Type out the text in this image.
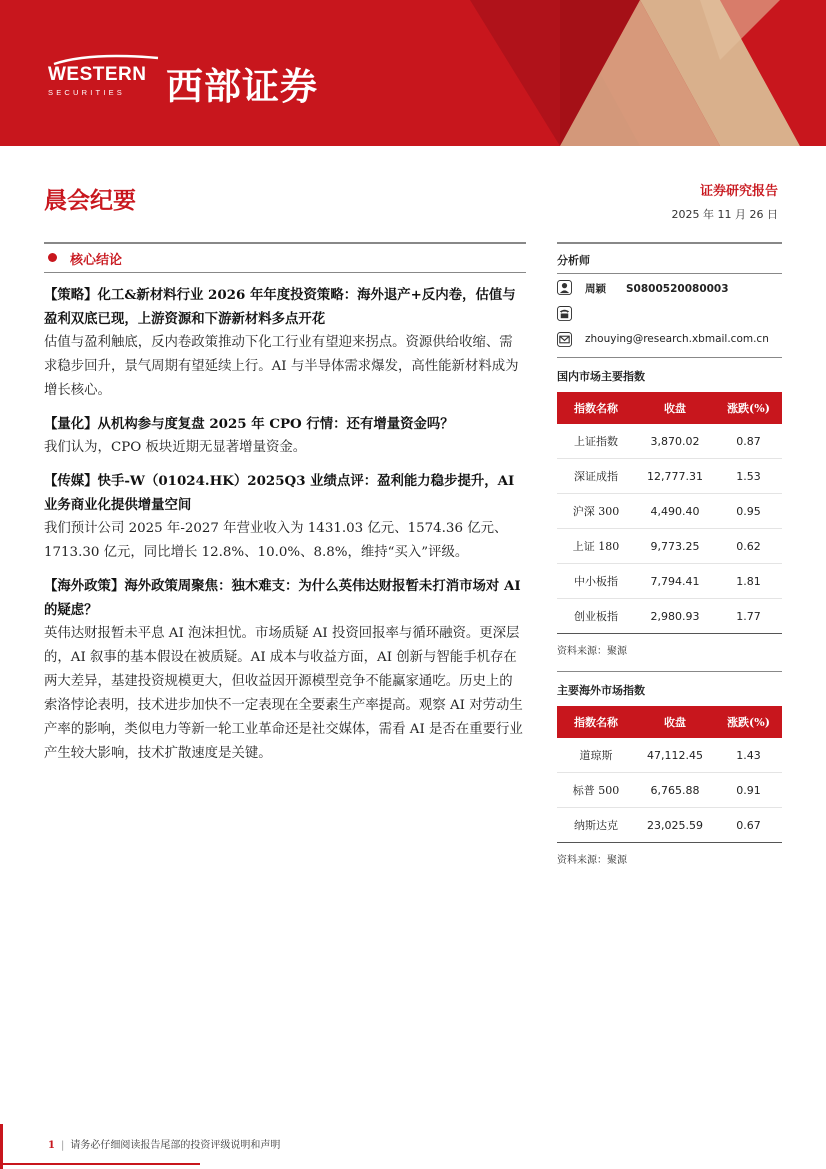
WESTERN
SECURITIES	西部证券
晨会纪要	证券研究报告
2025 年 11 月 26 日
核心结论

【策略】化工&新材料行业 2026 年年度投资策略：海外退产+反内卷，估值与盈利双底已现，上游资源和下游新材料多点开花

估值与盈利触底，反内卷政策推动下化工行业有望迎来拐点。资源供给收缩、需求稳步回升，景气周期有望延续上行。AI 与半导体需求爆发，高性能新材料成为增长核心。

【量化】从机构参与度复盘 2025 年 CPO 行情：还有增量资金吗？

我们认为，CPO 板块近期无显著增量资金。

【传媒】快手-W（01024.HK）2025Q3 业绩点评：盈利能力稳步提升，AI 业务商业化提供增量空间

我们预计公司 2025 年-2027 年营业收入为 1431.03 亿元、1574.36 亿元、1713.30 亿元，同比增长 12.8%、10.0%、8.8%，维持“买入”评级。

【海外政策】海外政策周聚焦：独木难支：为什么英伟达财报暂未打消市场对 AI 的疑虑？

英伟达财报暂未平息 AI 泡沫担忧。市场质疑 AI 投资回报率与循环融资。更深层的，AI 叙事的基本假设在被质疑。AI 成本与收益方面，AI 创新与智能手机存在两大差异，基建投资规模更大，但收益因开源模型竞争不能赢家通吃。历史上的索洛悖论表明，技术进步加快不一定表现在全要素生产率提高。观察 AI 对劳动生产率的影响，类似电力等新一轮工业革命还是社交媒体，需看 AI 是否在重要行业产生较大影响，技术扩散速度是关键。

分析师
周颖 S0800520080003
zhouying@research.xbmail.com.cn
国内市场主要指数
指数名称	收盘	涨跌(%)
上证指数	3,870.02	0.87
深证成指	12,777.31	1.53
沪深 300	4,490.40	0.95
上证 180	9,773.25	0.62
中小板指	7,794.41	1.81
创业板指	2,980.93	1.77
资料来源：聚源
主要海外市场指数
指数名称	收盘	涨跌(%)
道琼斯	47,112.45	1.43
标普 500	6,765.88	0.91
纳斯达克	23,025.59	0.67
资料来源：聚源
1 | 请务必仔细阅读报告尾部的投资评级说明和声明
